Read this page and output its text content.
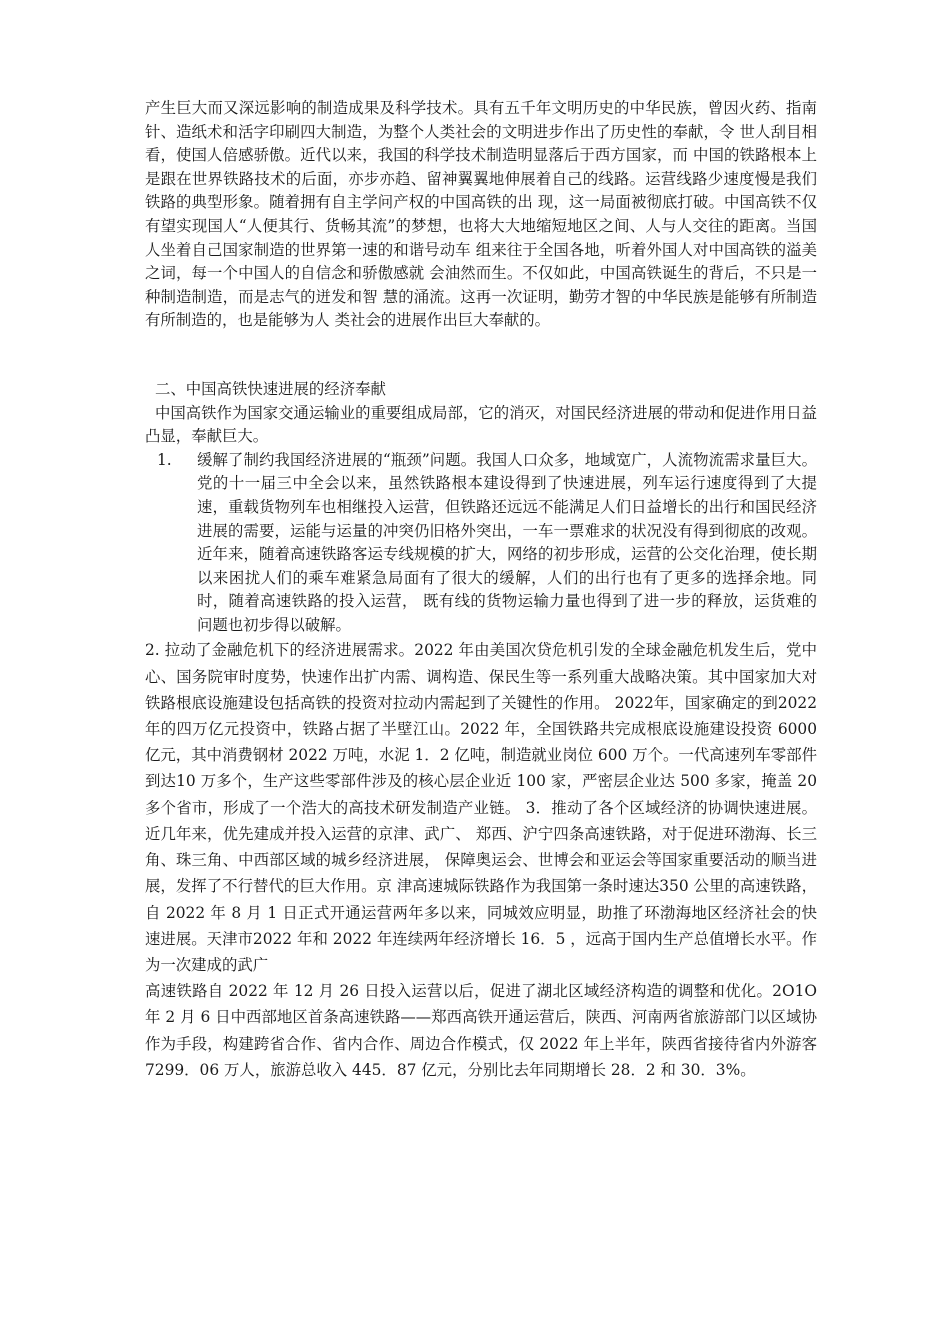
产生巨大而又深远影响的制造成果及科学技术。具有五千年文明历史的中华民族，曾因火药、指南针、造纸术和活字印刷四大制造，为整个人类社会的文明进步作出了历史性的奉献，令 世人刮目相看，使国人倍感骄傲。近代以来，我国的科学技术制造明显落后于西方国家，而 中国的铁路根本上是跟在世界铁路技术的后面，亦步亦趋、留神翼翼地伸展着自己的线路。运营线路少速度慢是我们铁路的典型形象。随着拥有自主学问产权的中国高铁的出 现，这一局面被彻底打破。中国高铁不仅有望实现国人“人便其行、货畅其流”的梦想，也将大大地缩短地区之间、人与人交往的距离。当国人坐着自己国家制造的世界第一速的和谐号动车 组来往于全国各地，听着外国人对中国高铁的溢美之词，每一个中国人的自信念和骄傲感就 会油然而生。不仅如此，中国高铁诞生的背后，不只是一种制造制造，而是志气的迸发和智 慧的涌流。这再一次证明，勤劳才智的中华民族是能够有所制造有所制造的，也是能够为人 类社会的进展作出巨大奉献的。

二、中国高铁快速进展的经济奉献

中国高铁作为国家交通运输业的重要组成局部，它的消灭，对国民经济进展的带动和促进作用日益凸显，奉献巨大。

1.	缓解了制约我国经济进展的“瓶颈”问题。我国人口众多，地域宽广，人流物流需求量巨大。党的十一届三中全会以来，虽然铁路根本建设得到了快速进展，列车运行速度得到了大提速，重载货物列车也相继投入运营，但铁路还远远不能满足人们日益增长的出行和国民经济进展的需要，运能与运量的冲突仍旧格外突出，一车一票难求的状况没有得到彻底的改观。近年来，随着高速铁路客运专线规模的扩大，网络的初步形成，运营的公交化治理，使长期以来困扰人们的乘车难紧急局面有了很大的缓解，人们的出行也有了更多的选择余地。同时，随着高速铁路的投入运营， 既有线的货物运输力量也得到了进一步的释放，运货难的问题也初步得以破解。

2. 拉动了金融危机下的经济进展需求。2022 年由美国次贷危机引发的全球金融危机发生后，党中心、国务院审时度势，快速作出扩内需、调构造、保民生等一系列重大战略决策。其中国家加大对铁路根底设施建设包括高铁的投资对拉动内需起到了关键性的作用。 2022年，国家确定的到2022 年的四万亿元投资中，铁路占据了半壁江山。2022 年，全国铁路共完成根底设施建设投资 6000 亿元，其中消费钢材 2022 万吨，水泥 1．2 亿吨，制造就业岗位 600 万个。一代高速列车零部件到达10 万多个，生产这些零部件涉及的核心层企业近 100 家，严密层企业达 500 多家，掩盖 20 多个省市，形成了一个浩大的高技术研发制造产业链。 3．推动了各个区域经济的协调快速进展。近几年来，优先建成并投入运营的京津、武广、 郑西、沪宁四条高速铁路，对于促进环渤海、长三角、珠三角、中西部区域的城乡经济进展， 保障奥运会、世博会和亚运会等国家重要活动的顺当进展，发挥了不行替代的巨大作用。京 津高速城际铁路作为我国第一条时速达350 公里的高速铁路，自 2022 年 8 月 1 日正式开通运营两年多以来，同城效应明显，助推了环渤海地区经济社会的快速进展。天津市2022 年和 2022 年连续两年经济增长 16．5 ，远高于国内生产总值增长水平。作为一次建成的武广

高速铁路自 2022 年 12 月 26 日投入运营以后，促进了湖北区域经济构造的调整和优化。2O1O 年 2 月 6 日中西部地区首条高速铁路——郑西高铁开通运营后，陕西、河南两省旅游部门以区域协作为手段，构建跨省合作、省内合作、周边合作模式，仅 2022 年上半年，陕西省接待省内外游客 7299．06 万人，旅游总收入 445．87 亿元，分别比去年同期增长 28．2 和 30．3%。
